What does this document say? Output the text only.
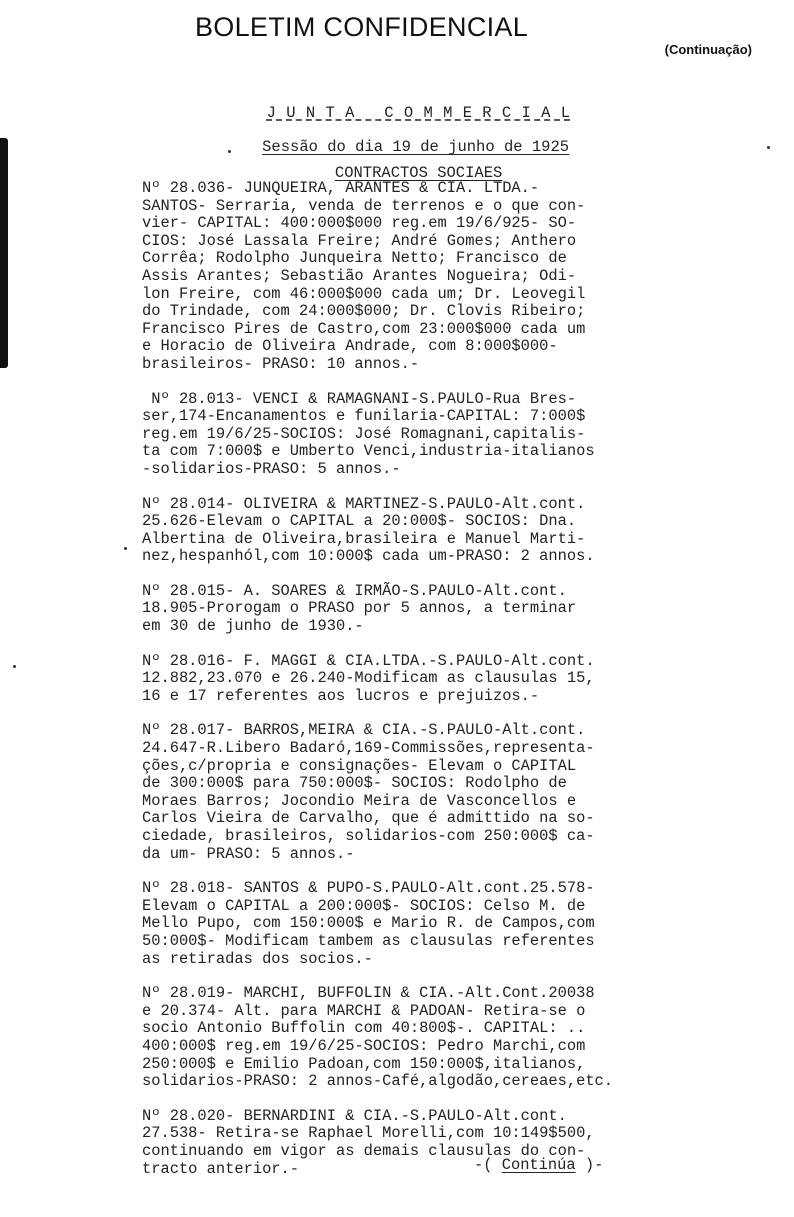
BOLETIM CONFIDENCIAL
(Continuação)

J U N T A   C O M M E R C I A L

Sessão do dia 19 de junho de 1925

CONTRACTOS SOCIAES

Nº 28.036- JUNQUEIRA, ARANTES & CIA. LTDA.-
SANTOS- Serraria, venda de terrenos e o que con-
vier- CAPITAL: 400:000$000 reg.em 19/6/925- SO-
CIOS: José Lassala Freire; André Gomes; Anthero
Corrêa; Rodolpho Junqueira Netto; Francisco de
Assis Arantes; Sebastião Arantes Nogueira; Odi-
lon Freire, com 46:000$000 cada um; Dr. Leovegil
do Trindade, com 24:000$000; Dr. Clovis Ribeiro;
Francisco Pires de Castro,com 23:000$000 cada um
e Horacio de Oliveira Andrade, com 8:000$000-
brasileiros- PRASO: 10 annos.-
Nº 28.013- VENCI & RAMAGNANI-S.PAULO-Rua Bres-
ser,174-Encanamentos e funilaria-CAPITAL: 7:000$
reg.em 19/6/25-SOCIOS: José Romagnani,capitalis-
ta com 7:000$ e Umberto Venci,industria-italianos
-solidarios-PRASO: 5 annos.-
Nº 28.014- OLIVEIRA & MARTINEZ-S.PAULO-Alt.cont.
25.626-Elevam o CAPITAL a 20:000$- SOCIOS: Dna.
Albertina de Oliveira,brasileira e Manuel Marti-
nez,hespanhól,com 10:000$ cada um-PRASO: 2 annos.
Nº 28.015- A. SOARES & IRMÃO-S.PAULO-Alt.cont.
18.905-Prorogam o PRASO por 5 annos, a terminar
em 30 de junho de 1930.-
Nº 28.016- F. MAGGI & CIA.LTDA.-S.PAULO-Alt.cont.
12.882,23.070 e 26.240-Modificam as clausulas 15,
16 e 17 referentes aos lucros e prejuizos.-
Nº 28.017- BARROS,MEIRA & CIA.-S.PAULO-Alt.cont.
24.647-R.Libero Badaró,169-Commissões,representa-
ções,c/propria e consignações- Elevam o CAPITAL
de 300:000$ para 750:000$- SOCIOS: Rodolpho de
Moraes Barros; Jocondio Meira de Vasconcellos e
Carlos Vieira de Carvalho, que é admittido na so-
ciedade, brasileiros, solidarios-com 250:000$ ca-
da um- PRASO: 5 annos.-
Nº 28.018- SANTOS & PUPO-S.PAULO-Alt.cont.25.578-
Elevam o CAPITAL a 200:000$- SOCIOS: Celso M. de
Mello Pupo, com 150:000$ e Mario R. de Campos,com
50:000$- Modificam tambem as clausulas referentes
as retiradas dos socios.-
Nº 28.019- MARCHI, BUFFOLIN & CIA.-Alt.Cont.20038
e 20.374- Alt. para MARCHI & PADOAN- Retira-se o
socio Antonio Buffolin com 40:800$-. CAPITAL: ..
400:000$ reg.em 19/6/25-SOCIOS: Pedro Marchi,com
250:000$ e Emilio Padoan,com 150:000$,italianos,
solidarios-PRASO: 2 annos-Café,algodão,cereaes,etc.
Nº 28.020- BERNARDINI & CIA.-S.PAULO-Alt.cont.
27.538- Retira-se Raphael Morelli,com 10:149$500,
continuando em vigor as demais clausulas do con-
tracto anterior.-	-( Continúa )-
